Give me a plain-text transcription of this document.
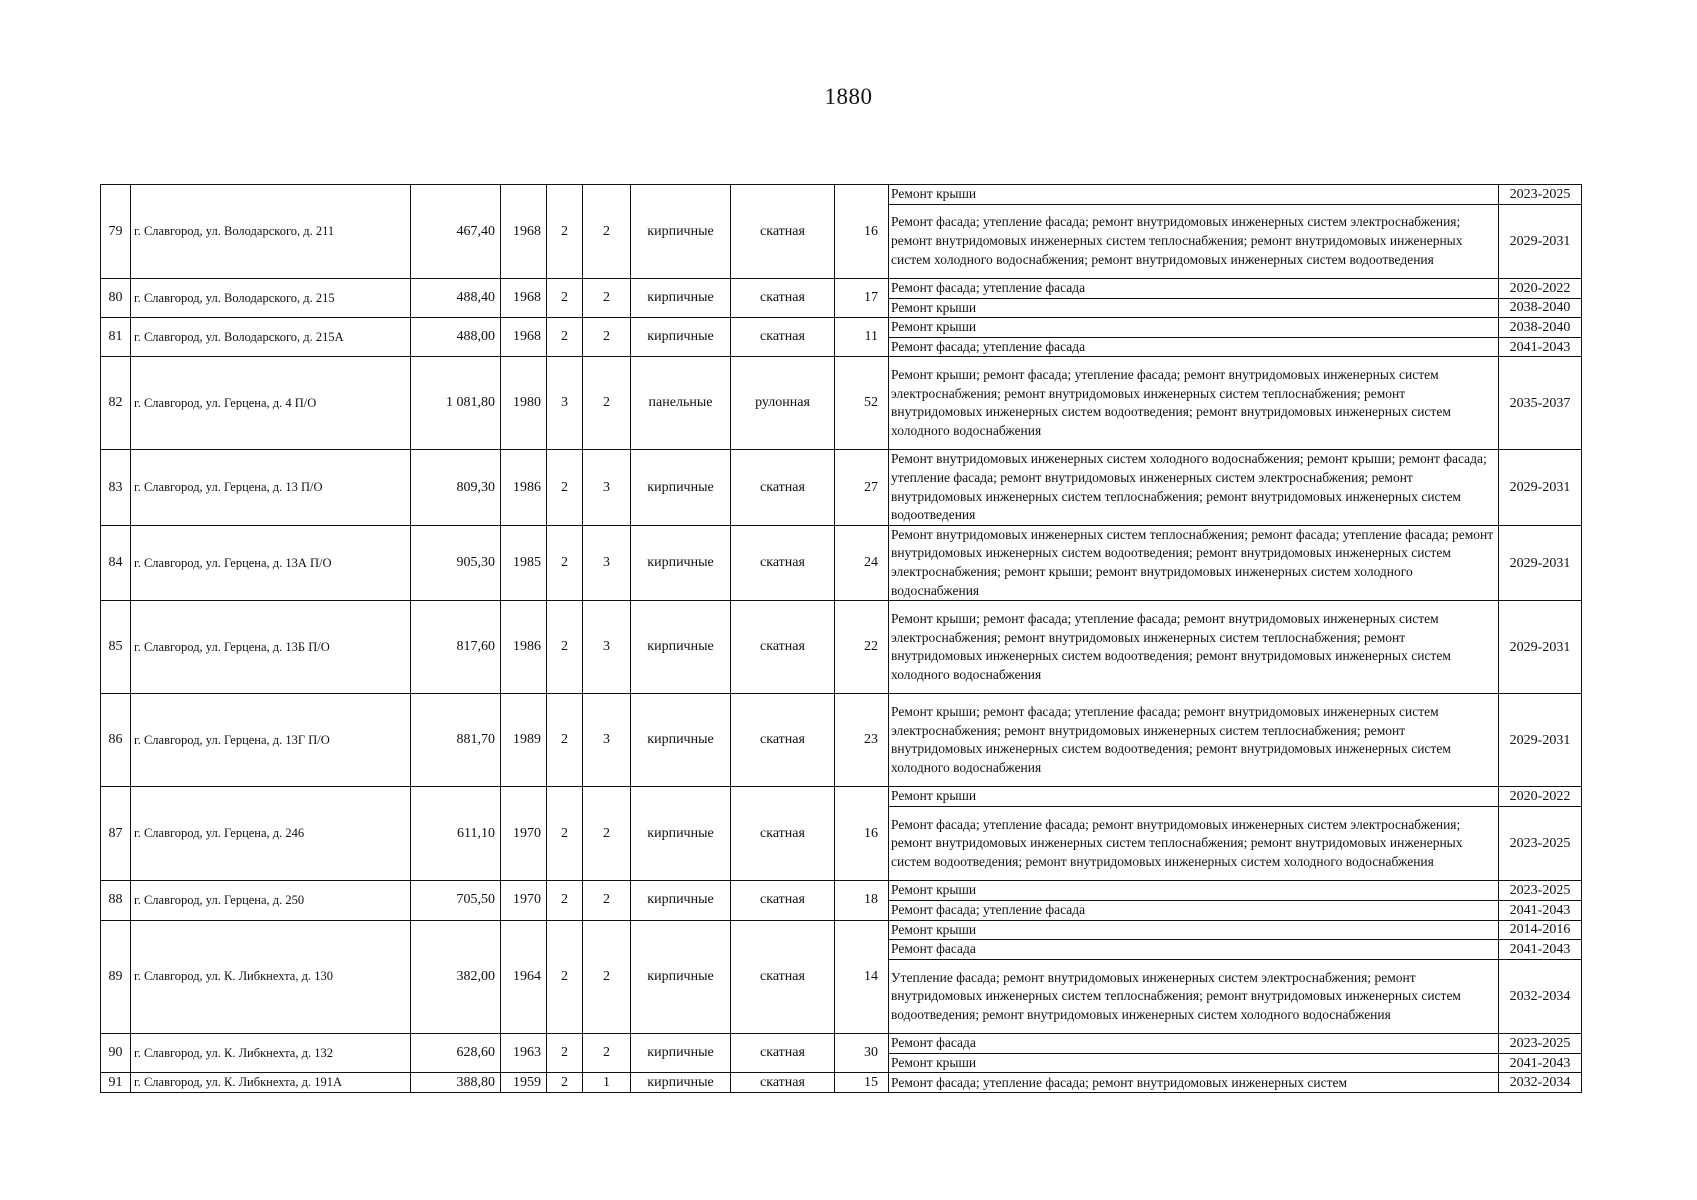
1880
79	г. Славгород, ул. Володарского, д. 211	467,40	1968	2	2	кирпичные	скатная	16	
Ремонт крыши	2023-2025
Ремонт фасада; утепление фасада; ремонт внутридомовых инженерных систем электроснабжения; ремонт внутридомовых инженерных систем теплоснабжения; ремонт внутридомовых инженерных систем холодного водоснабжения; ремонт внутридомовых инженерных систем водоотведения	2029-2031

80	г. Славгород, ул. Володарского, д. 215	488,40	1968	2	2	кирпичные	скатная	17	
Ремонт фасада; утепление фасада	2020-2022
Ремонт крыши	2038-2040

81	г. Славгород, ул. Володарского, д. 215А	488,00	1968	2	2	кирпичные	скатная	11	
Ремонт крыши	2038-2040
Ремонт фасада; утепление фасада	2041-2043

82	г. Славгород, ул. Герцена, д. 4 П/О	1 081,80	1980	3	2	панельные	рулонная	52	
Ремонт крыши; ремонт фасада; утепление фасада; ремонт внутридомовых инженерных систем электроснабжения; ремонт внутридомовых инженерных систем теплоснабжения; ремонт внутридомовых инженерных систем водоотведения; ремонт внутридомовых инженерных систем холодного водоснабжения	2035-2037

83	г. Славгород, ул. Герцена, д. 13 П/О	809,30	1986	2	3	кирпичные	скатная	27	
Ремонт внутридомовых инженерных систем холодного водоснабжения; ремонт крыши; ремонт фасада; утепление фасада; ремонт внутридомовых инженерных систем электроснабжения; ремонт внутридомовых инженерных систем теплоснабжения; ремонт внутридомовых инженерных систем водоотведения	2029-2031

84	г. Славгород, ул. Герцена, д. 13А П/О	905,30	1985	2	3	кирпичные	скатная	24	
Ремонт внутридомовых инженерных систем теплоснабжения; ремонт фасада; утепление фасада; ремонт внутридомовых инженерных систем водоотведения; ремонт внутридомовых инженерных систем электроснабжения; ремонт крыши; ремонт внутридомовых инженерных систем холодного водоснабжения	2029-2031

85	г. Славгород, ул. Герцена, д. 13Б П/О	817,60	1986	2	3	кирпичные	скатная	22	
Ремонт крыши; ремонт фасада; утепление фасада; ремонт внутридомовых инженерных систем электроснабжения; ремонт внутридомовых инженерных систем теплоснабжения; ремонт внутридомовых инженерных систем водоотведения; ремонт внутридомовых инженерных систем холодного водоснабжения	2029-2031

86	г. Славгород, ул. Герцена, д. 13Г П/О	881,70	1989	2	3	кирпичные	скатная	23	
Ремонт крыши; ремонт фасада; утепление фасада; ремонт внутридомовых инженерных систем электроснабжения; ремонт внутридомовых инженерных систем теплоснабжения; ремонт внутридомовых инженерных систем водоотведения; ремонт внутридомовых инженерных систем холодного водоснабжения	2029-2031

87	г. Славгород, ул. Герцена, д. 246	611,10	1970	2	2	кирпичные	скатная	16	
Ремонт крыши	2020-2022
Ремонт фасада; утепление фасада; ремонт внутридомовых инженерных систем электроснабжения; ремонт внутридомовых инженерных систем теплоснабжения; ремонт внутридомовых инженерных систем водоотведения; ремонт внутридомовых инженерных систем холодного водоснабжения	2023-2025

88	г. Славгород, ул. Герцена, д. 250	705,50	1970	2	2	кирпичные	скатная	18	
Ремонт крыши	2023-2025
Ремонт фасада; утепление фасада	2041-2043

89	г. Славгород, ул. К. Либкнехта, д. 130	382,00	1964	2	2	кирпичные	скатная	14	
Ремонт крыши	2014-2016
Ремонт фасада	2041-2043
Утепление фасада; ремонт внутридомовых инженерных систем электроснабжения; ремонт внутридомовых инженерных систем теплоснабжения; ремонт внутридомовых инженерных систем водоотведения; ремонт внутридомовых инженерных систем холодного водоснабжения	2032-2034

90	г. Славгород, ул. К. Либкнехта, д. 132	628,60	1963	2	2	кирпичные	скатная	30	
Ремонт фасада	2023-2025
Ремонт крыши	2041-2043

91	г. Славгород, ул. К. Либкнехта, д. 191А	388,80	1959	2	1	кирпичные	скатная	15	Ремонт фасада; утепление фасада; ремонт внутридомовых инженерных систем	2032-2034
